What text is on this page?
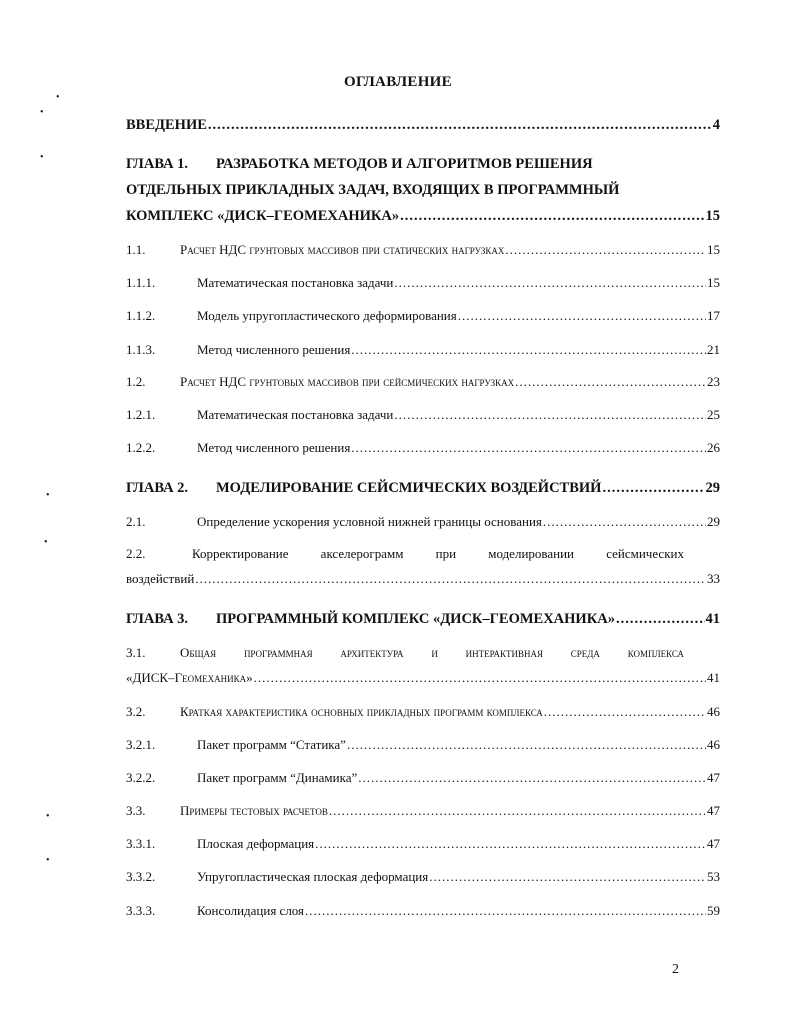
•
•
•
•
•
•
•
ОГЛАВЛЕНИЕ
ВВЕДЕНИЕ .....	4
ГЛАВА 1. РАЗРАБОТКА МЕТОДОВ И АЛГОРИТМОВ РЕШЕНИЯ
ОТДЕЛЬНЫХ ПРИКЛАДНЫХ ЗАДАЧ, ВХОДЯЩИХ В ПРОГРАММНЫЙ
КОМПЛЕКС «ДИСК–ГЕОМЕХАНИКА» .....	15
1.1.	Расчет НДС грунтовых массивов при статических нагрузках .....	15
1.1.1.	Математическая постановка задачи .....	15
1.1.2.	Модель упругопластического деформирования .....	17
1.1.3.	Метод численного решения .....	21
1.2.	Расчет НДС грунтовых массивов при сейсмических нагрузках .....	23
1.2.1.	Математическая постановка задачи .....	25
1.2.2.	Метод численного решения .....	26
ГЛАВА 2.	МОДЕЛИРОВАНИЕ СЕЙСМИЧЕСКИХ ВОЗДЕЙСТВИЙ .....	29
2.1.	Определение ускорения условной нижней границы основания .....	29
2.2.	Корректирование акселерограмм при моделировании сейсмических
воздействий .....	33
ГЛАВА 3.	ПРОГРАММНЫЙ КОМПЛЕКС «ДИСК–ГЕОМЕХАНИКА» .....	41
3.1.	Общая программная архитектура и интерактивная среда комплекса
«ДИСК–Геомеханика» .....	41
3.2.	Краткая характеристика основных прикладных программ комплекса .....	46
3.2.1.	Пакет программ “Статика” .....	46
3.2.2.	Пакет программ “Динамика” .....	47
3.3.	Примеры тестовых расчетов .....	47
3.3.1.	Плоская деформация .....	47
3.3.2.	Упругопластическая плоская деформация .....	53
3.3.3.	Консолидация слоя .....	59
2
